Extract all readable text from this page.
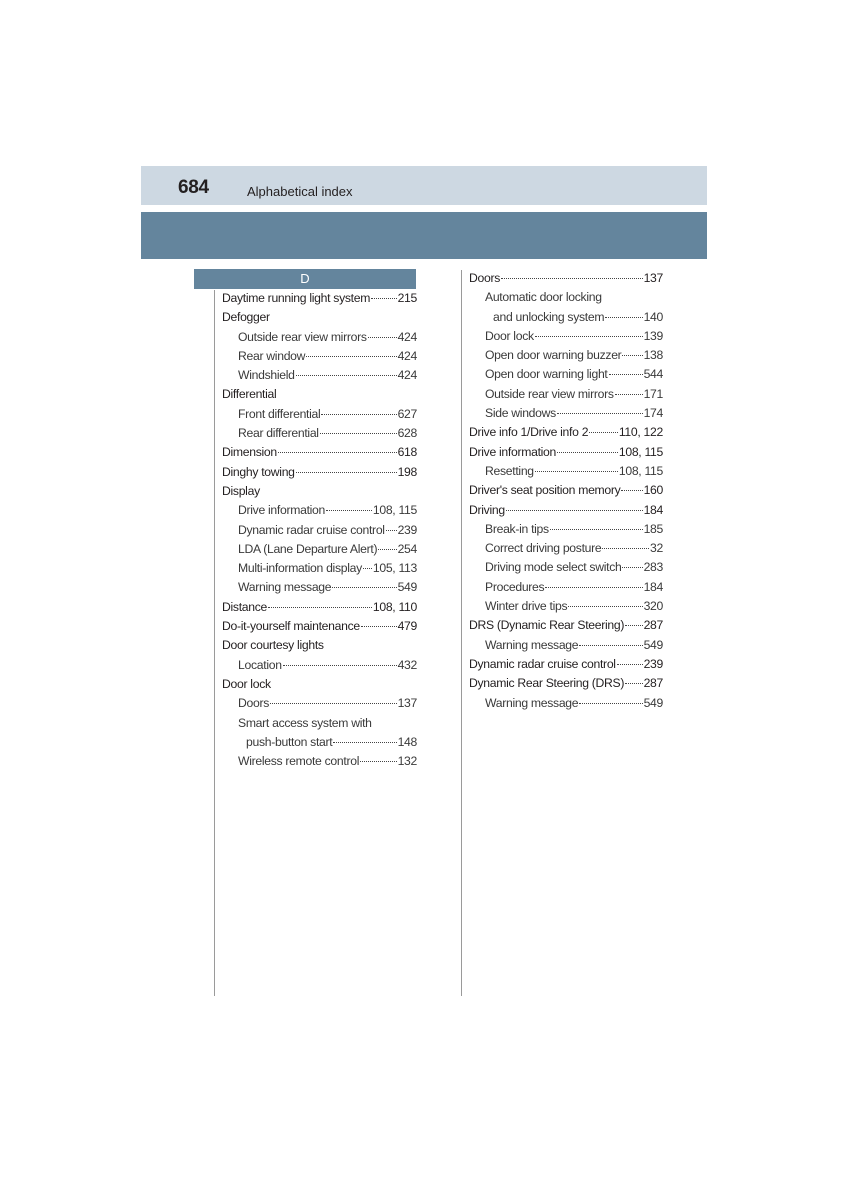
684	Alphabetical index
D
Daytime running light system 215
Defogger
Outside rear view mirrors	424
Rear window	424
Windshield	424
Differential
Front differential	627
Rear differential	628
Dimension	618
Dinghy towing	198
Display
Drive information	108, 115
Dynamic radar cruise control 239
LDA (Lane Departure Alert) 254
Multi-information display 105, 113
Warning message	549
Distance	108, 110
Do-it-yourself maintenance	479
Door courtesy lights
Location	432
Door lock
Doors	137
Smart access system with
push-button start	148
Wireless remote control	132
Doors	137
Automatic door locking
and unlocking system	140
Door lock	139
Open door warning buzzer 138
Open door warning light	544
Outside rear view mirrors 171
Side windows	174
Drive info 1/Drive info 2	110, 122
Drive information	108, 115
Resetting	108, 115
Driver's seat position memory 160
Driving	184
Break-in tips	185
Correct driving posture	32
Driving mode select switch 283
Procedures	184
Winter drive tips	320
DRS (Dynamic Rear Steering) 287
Warning message	549
Dynamic radar cruise control 239
Dynamic Rear Steering (DRS) 287
Warning message	549
